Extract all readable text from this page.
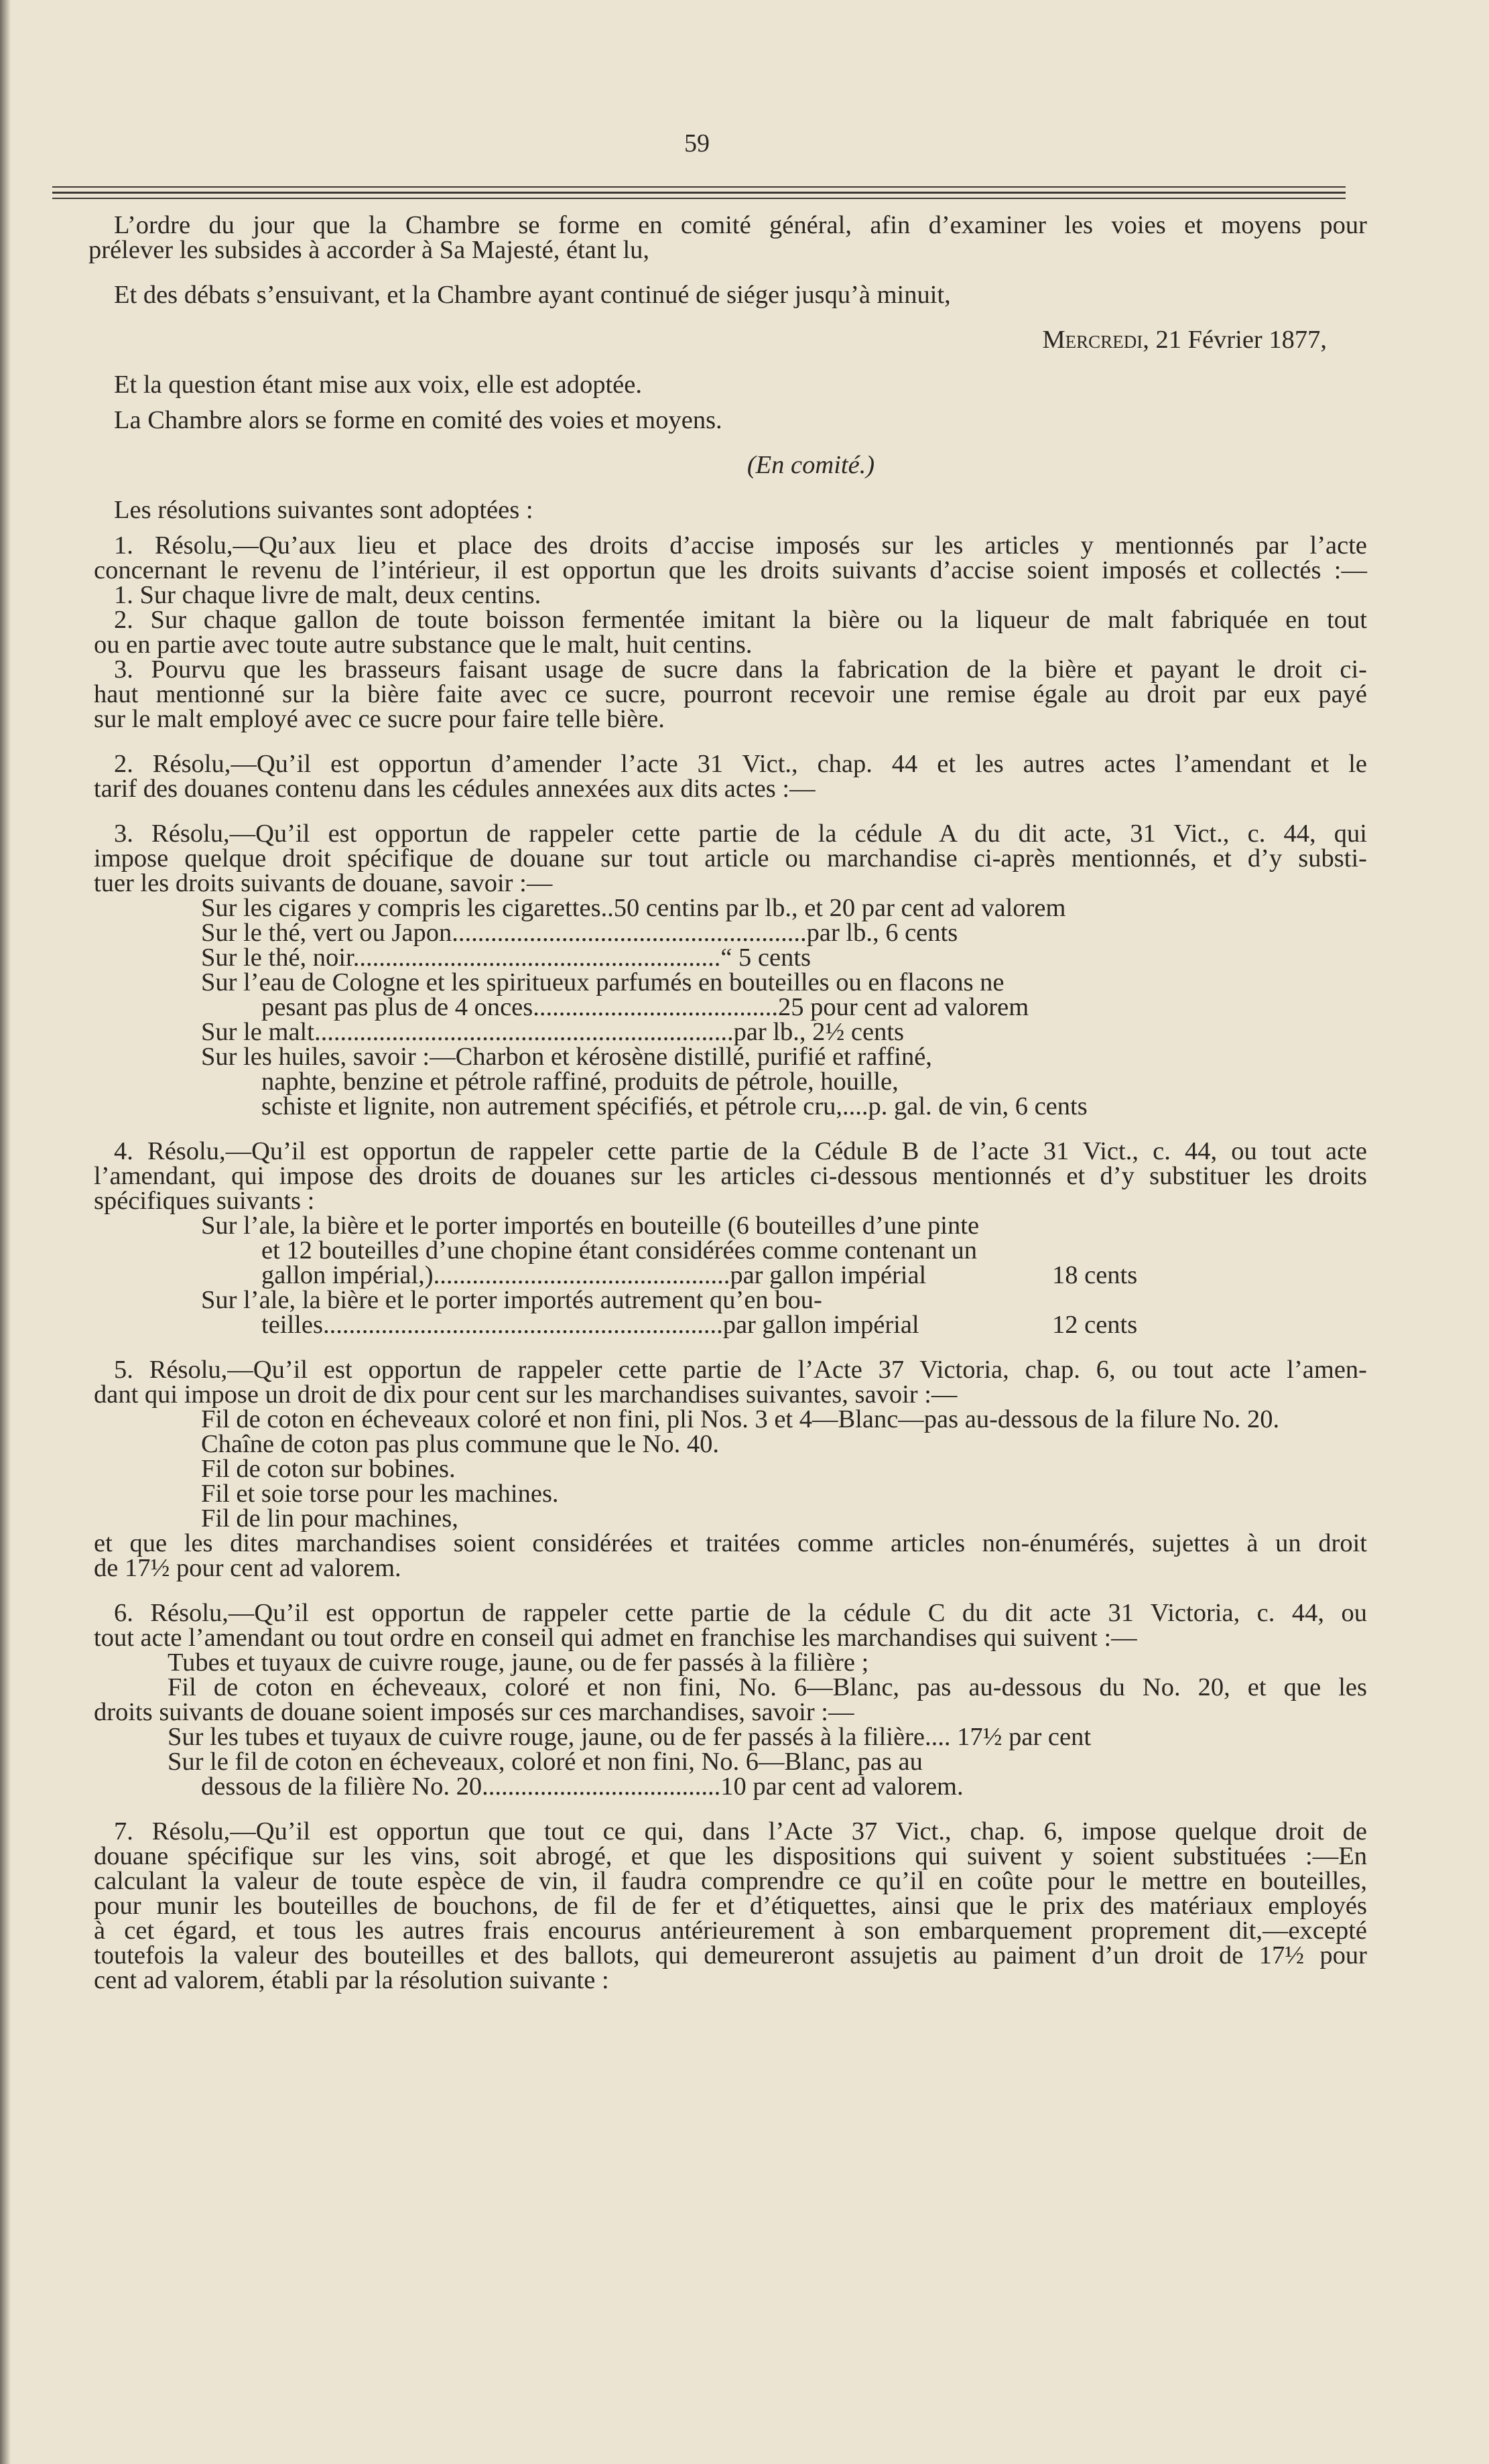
59
L’ordre du jour que la Chambre se forme en comité général, afin d’examiner les voies et moyens pour
prélever les subsides à accorder à Sa Majesté, étant lu,
Et des débats s’ensuivant, et la Chambre ayant continué de siéger jusqu’à minuit,
Mercredi, 21 Février 1877,
Et la question étant mise aux voix, elle est adoptée.
La Chambre alors se forme en comité des voies et moyens.
(En comité.)
Les résolutions suivantes sont adoptées :
1. Résolu,—Qu’aux lieu et place des droits d’accise imposés sur les articles y mentionnés par l’acte
concernant le revenu de l’intérieur, il est opportun que les droits suivants d’accise soient imposés et collectés :—
1. Sur chaque livre de malt, deux centins.
2. Sur chaque gallon de toute boisson fermentée imitant la bière ou la liqueur de malt fabriquée en tout
ou en partie avec toute autre substance que le malt, huit centins.
3. Pourvu que les brasseurs faisant usage de sucre dans la fabrication de la bière et payant le droit ci-
haut mentionné sur la bière faite avec ce sucre, pourront recevoir une remise égale au droit par eux payé
sur le malt employé avec ce sucre pour faire telle bière.
2. Résolu,—Qu’il est opportun d’amender l’acte 31 Vict., chap. 44 et les autres actes l’amendant et le
tarif des douanes contenu dans les cédules annexées aux dits actes :—
3. Résolu,—Qu’il est opportun de rappeler cette partie de la cédule A du dit acte, 31 Vict., c. 44, qui
impose quelque droit spécifique de douane sur tout article ou marchandise ci-après mentionnés, et d’y substi-
tuer les droits suivants de douane, savoir :—
Sur les cigares y compris les cigarettes..50 centins par lb., et 20 par cent ad valorem
Sur le thé, vert ou Japon.......................................................par lb., 6 cents
Sur le thé, noir.........................................................“ 5 cents
Sur l’eau de Cologne et les spiritueux parfumés en bouteilles ou en flacons ne
pesant pas plus de 4 onces......................................25 pour cent ad valorem
Sur le malt.................................................................par lb., 2½ cents
Sur les huiles, savoir :—Charbon et kérosène distillé, purifié et raffiné,
naphte, benzine et pétrole raffiné, produits de pétrole, houille,
schiste et lignite, non autrement spécifiés, et pétrole cru,....p. gal. de vin, 6 cents
4. Résolu,—Qu’il est opportun de rappeler cette partie de la Cédule B de l’acte 31 Vict., c. 44, ou tout acte
l’amendant, qui impose des droits de douanes sur les articles ci-dessous mentionnés et d’y substituer les droits
spécifiques suivants :
Sur l’ale, la bière et le porter importés en bouteille (6 bouteilles d’une pinte
et 12 bouteilles d’une chopine étant considérées comme contenant un
gallon impérial,)..............................................par gallon impérial	18 cents
Sur l’ale, la bière et le porter importés autrement qu’en bou-
teilles..............................................................par gallon impérial	12 cents
5. Résolu,—Qu’il est opportun de rappeler cette partie de l’Acte 37 Victoria, chap. 6, ou tout acte l’amen-
dant qui impose un droit de dix pour cent sur les marchandises suivantes, savoir :—
Fil de coton en écheveaux coloré et non fini, pli Nos. 3 et 4—Blanc—pas au-dessous de la filure No. 20.
Chaîne de coton pas plus commune que le No. 40.
Fil de coton sur bobines.
Fil et soie torse pour les machines.
Fil de lin pour machines,
et que les dites marchandises soient considérées et traitées comme articles non-énumérés, sujettes à un droit
de 17½ pour cent ad valorem.
6. Résolu,—Qu’il est opportun de rappeler cette partie de la cédule C du dit acte 31 Victoria, c. 44, ou
tout acte l’amendant ou tout ordre en conseil qui admet en franchise les marchandises qui suivent :—
Tubes et tuyaux de cuivre rouge, jaune, ou de fer passés à la filière ;
Fil de coton en écheveaux, coloré et non fini, No. 6—Blanc, pas au-dessous du No. 20, et que les
droits suivants de douane soient imposés sur ces marchandises, savoir :—
Sur les tubes et tuyaux de cuivre rouge, jaune, ou de fer passés à la filière.... 17½ par cent
Sur le fil de coton en écheveaux, coloré et non fini, No. 6—Blanc, pas au
dessous de la filière No. 20.....................................10 par cent ad valorem.
7. Résolu,—Qu’il est opportun que tout ce qui, dans l’Acte 37 Vict., chap. 6, impose quelque droit de
douane spécifique sur les vins, soit abrogé, et que les dispositions qui suivent y soient substituées :—En
calculant la valeur de toute espèce de vin, il faudra comprendre ce qu’il en coûte pour le mettre en bouteilles,
pour munir les bouteilles de bouchons, de fil de fer et d’étiquettes, ainsi que le prix des matériaux employés
à cet égard, et tous les autres frais encourus antérieurement à son embarquement proprement dit,—excepté
toutefois la valeur des bouteilles et des ballots, qui demeureront assujetis au paiment d’un droit de 17½ pour
cent ad valorem, établi par la résolution suivante :
